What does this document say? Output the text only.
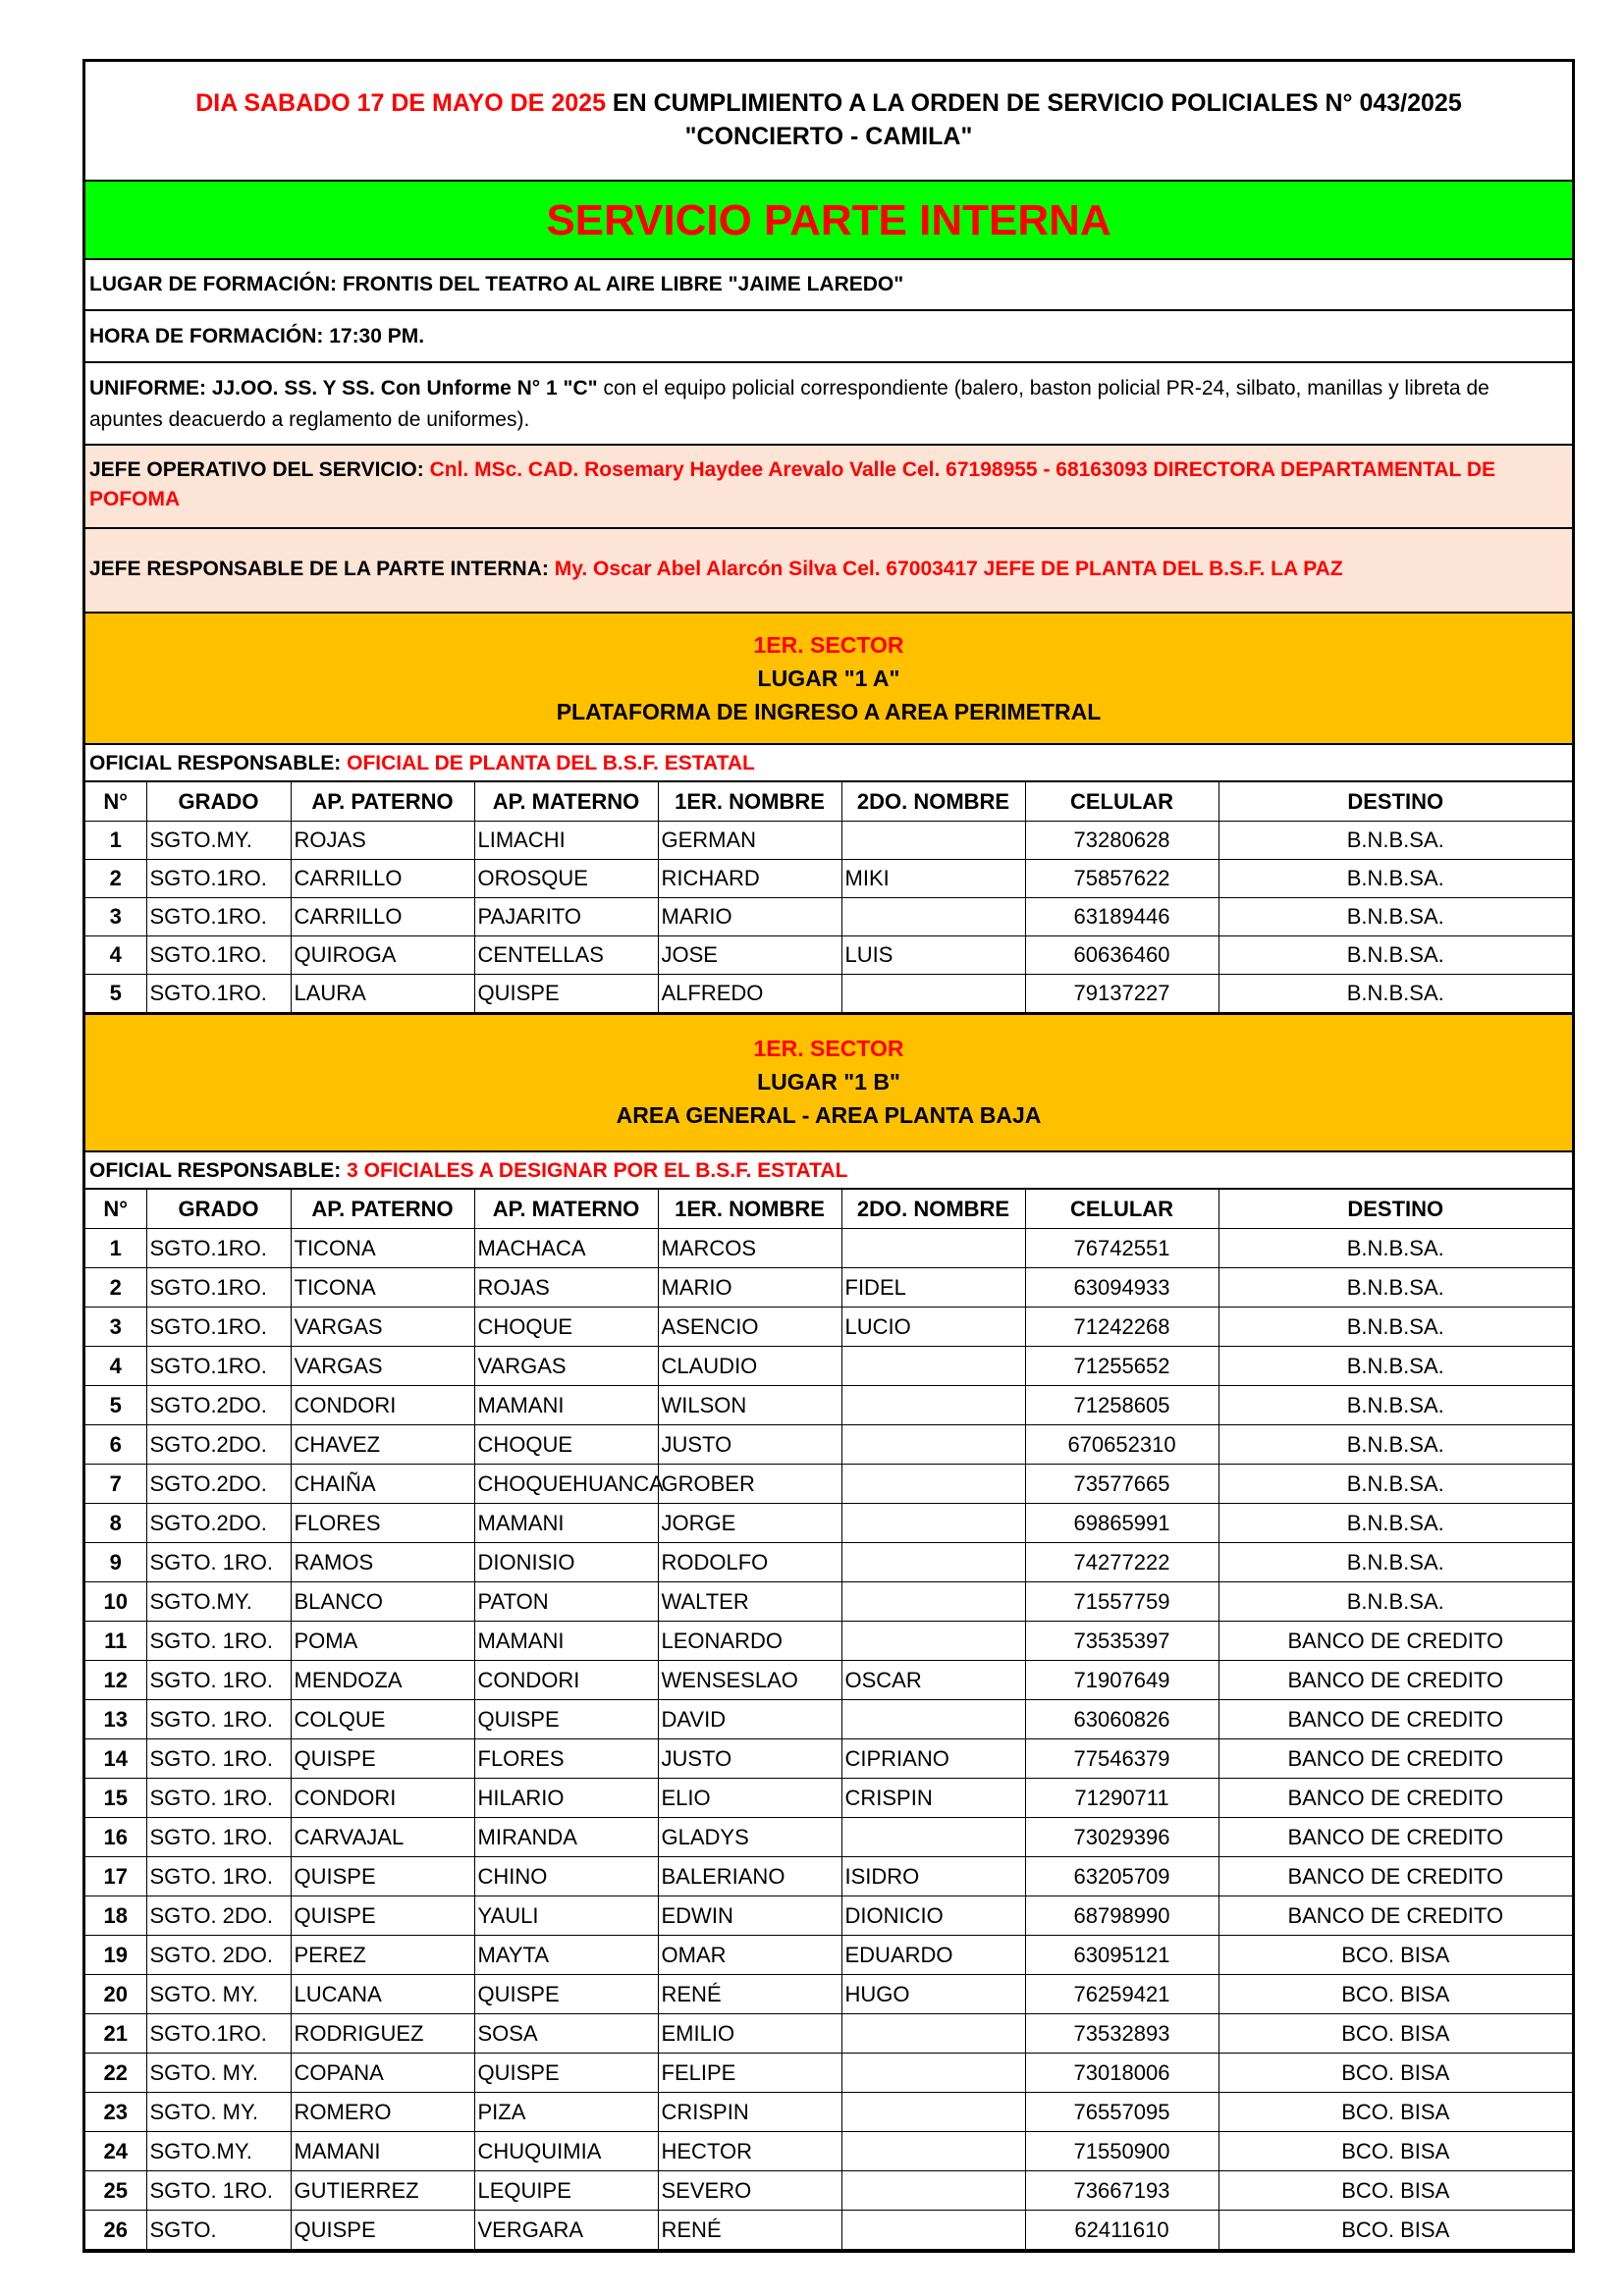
DIA SABADO 17 DE MAYO DE 2025 EN CUMPLIMIENTO A LA ORDEN DE SERVICIO POLICIALES N° 043/2025
"CONCIERTO - CAMILA"
SERVICIO PARTE INTERNA
LUGAR DE FORMACIÓN: FRONTIS DEL TEATRO AL AIRE LIBRE "JAIME LAREDO"
HORA DE FORMACIÓN: 17:30 PM.
UNIFORME: JJ.OO. SS. Y SS. Con Unforme N° 1 "C" con el equipo policial correspondiente (balero, baston policial PR-24, silbato, manillas y libreta de apuntes deacuerdo a reglamento de uniformes).
JEFE OPERATIVO DEL SERVICIO: Cnl. MSc. CAD. Rosemary Haydee Arevalo Valle Cel. 67198955 - 68163093 DIRECTORA DEPARTAMENTAL DE POFOMA
JEFE RESPONSABLE DE LA PARTE INTERNA: My. Oscar Abel Alarcón Silva Cel. 67003417 JEFE DE PLANTA DEL B.S.F. LA PAZ
1ER. SECTOR
LUGAR "1 A"
PLATAFORMA DE INGRESO A AREA PERIMETRAL
OFICIAL RESPONSABLE: OFICIAL DE PLANTA DEL B.S.F. ESTATAL
N°	GRADO	AP. PATERNO	AP. MATERNO	1ER. NOMBRE	2DO. NOMBRE	CELULAR	DESTINO
1	SGTO.MY.	ROJAS	LIMACHI	GERMAN		73280628	B.N.B.SA.
2	SGTO.1RO.	CARRILLO	OROSQUE	RICHARD	MIKI	75857622	B.N.B.SA.
3	SGTO.1RO.	CARRILLO	PAJARITO	MARIO		63189446	B.N.B.SA.
4	SGTO.1RO.	QUIROGA	CENTELLAS	JOSE	LUIS	60636460	B.N.B.SA.
5	SGTO.1RO.	LAURA	QUISPE	ALFREDO		79137227	B.N.B.SA.
1ER. SECTOR
LUGAR "1 B"
AREA GENERAL - AREA PLANTA BAJA
OFICIAL RESPONSABLE: 3 OFICIALES A DESIGNAR POR EL B.S.F. ESTATAL
N°	GRADO	AP. PATERNO	AP. MATERNO	1ER. NOMBRE	2DO. NOMBRE	CELULAR	DESTINO
1	SGTO.1RO.	TICONA	MACHACA	MARCOS		76742551	B.N.B.SA.
2	SGTO.1RO.	TICONA	ROJAS	MARIO	FIDEL	63094933	B.N.B.SA.
3	SGTO.1RO.	VARGAS	CHOQUE	ASENCIO	LUCIO	71242268	B.N.B.SA.
4	SGTO.1RO.	VARGAS	VARGAS	CLAUDIO		71255652	B.N.B.SA.
5	SGTO.2DO.	CONDORI	MAMANI	WILSON		71258605	B.N.B.SA.
6	SGTO.2DO.	CHAVEZ	CHOQUE	JUSTO		670652310	B.N.B.SA.
7	SGTO.2DO.	CHAIÑA	CHOQUEHUANCA	GROBER		73577665	B.N.B.SA.
8	SGTO.2DO.	FLORES	MAMANI	JORGE		69865991	B.N.B.SA.
9	SGTO. 1RO.	RAMOS	DIONISIO	RODOLFO		74277222	B.N.B.SA.
10	SGTO.MY.	BLANCO	PATON	WALTER		71557759	B.N.B.SA.
11	SGTO. 1RO.	POMA	MAMANI	LEONARDO		73535397	BANCO DE CREDITO
12	SGTO. 1RO.	MENDOZA	CONDORI	WENSESLAO	OSCAR	71907649	BANCO DE CREDITO
13	SGTO. 1RO.	COLQUE	QUISPE	DAVID		63060826	BANCO DE CREDITO
14	SGTO. 1RO.	QUISPE	FLORES	JUSTO	CIPRIANO	77546379	BANCO DE CREDITO
15	SGTO. 1RO.	CONDORI	HILARIO	ELIO	CRISPIN	71290711	BANCO DE CREDITO
16	SGTO. 1RO.	CARVAJAL	MIRANDA	GLADYS		73029396	BANCO DE CREDITO
17	SGTO. 1RO.	QUISPE	CHINO	BALERIANO	ISIDRO	63205709	BANCO DE CREDITO
18	SGTO. 2DO.	QUISPE	YAULI	EDWIN	DIONICIO	68798990	BANCO DE CREDITO
19	SGTO. 2DO.	PEREZ	MAYTA	OMAR	EDUARDO	63095121	BCO. BISA
20	SGTO. MY.	LUCANA	QUISPE	RENÉ	HUGO	76259421	BCO. BISA
21	SGTO.1RO.	RODRIGUEZ	SOSA	EMILIO		73532893	BCO. BISA
22	SGTO. MY.	COPANA	QUISPE	FELIPE		73018006	BCO. BISA
23	SGTO. MY.	ROMERO	PIZA	CRISPIN		76557095	BCO. BISA
24	SGTO.MY.	MAMANI	CHUQUIMIA	HECTOR		71550900	BCO. BISA
25	SGTO. 1RO.	GUTIERREZ	LEQUIPE	SEVERO		73667193	BCO. BISA
26	SGTO.	QUISPE	VERGARA	RENÉ		62411610	BCO. BISA
